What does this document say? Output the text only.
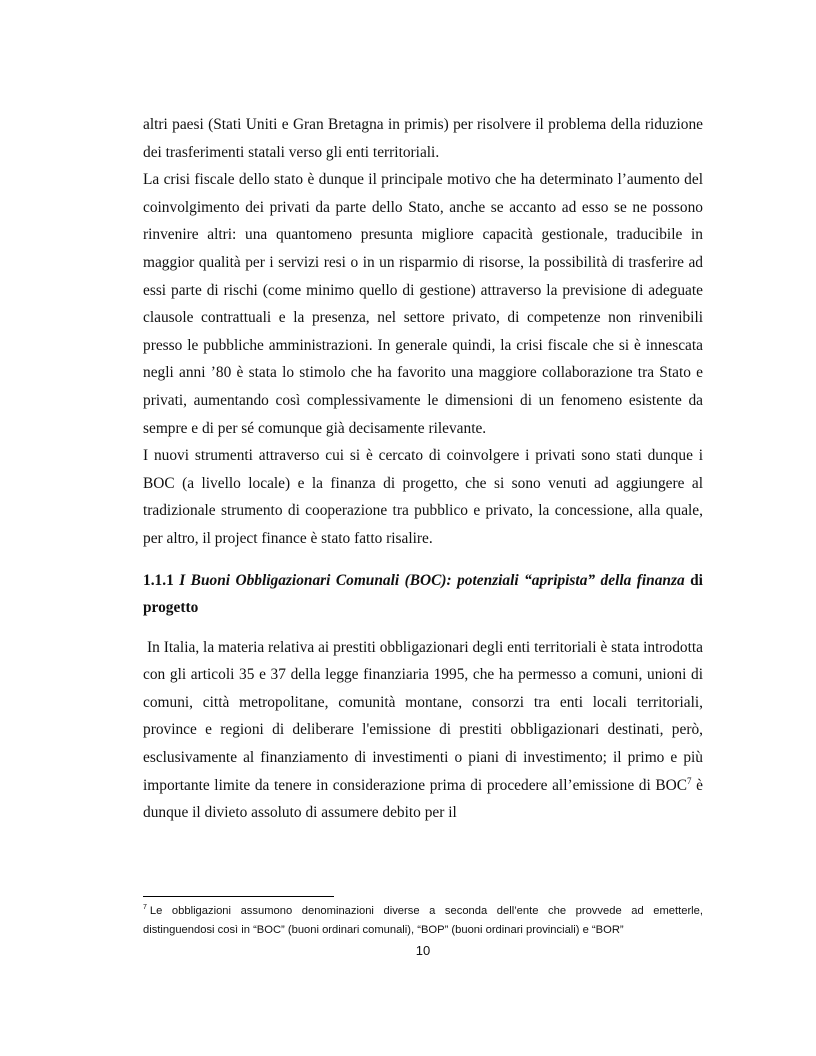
altri paesi (Stati Uniti e Gran Bretagna in primis) per risolvere il problema della riduzione dei trasferimenti statali verso gli enti territoriali.

La crisi fiscale dello stato è dunque il principale motivo che ha determinato l’aumento del coinvolgimento dei privati da parte dello Stato, anche se accanto ad esso se ne possono rinvenire altri: una quantomeno presunta migliore capacità gestionale, traducibile in maggior qualità per i servizi resi o in un risparmio di risorse, la possibilità di trasferire ad essi parte di rischi (come minimo quello di gestione) attraverso la previsione di adeguate clausole contrattuali e la presenza, nel settore privato, di competenze non rinvenibili presso le pubbliche amministrazioni. In generale quindi, la crisi fiscale che si è innescata negli anni ’80 è stata lo stimolo che ha favorito una maggiore collaborazione tra Stato e privati, aumentando così complessivamente le dimensioni di un fenomeno esistente da sempre e di per sé comunque già decisamente rilevante.

I nuovi strumenti attraverso cui si è cercato di coinvolgere i privati sono stati dunque i BOC (a livello locale) e la finanza di progetto, che si sono venuti ad aggiungere al tradizionale strumento di cooperazione tra pubblico e privato, la concessione, alla quale, per altro, il project finance è stato fatto risalire.

1.1.1 I Buoni Obbligazionari Comunali (BOC): potenziali “apripista” della finanza di progetto

In Italia, la materia relativa ai prestiti obbligazionari degli enti territoriali è stata introdotta con gli articoli 35 e 37 della legge finanziaria 1995, che ha permesso a comuni, unioni di comuni, città metropolitane, comunità montane, consorzi tra enti locali territoriali, province e regioni di deliberare l'emissione di prestiti obbligazionari destinati, però, esclusivamente al finanziamento di investimenti o piani di investimento; il primo e più importante limite da tenere in considerazione prima di procedere all’emissione di BOC$^7$ è dunque il divieto assoluto di assumere debito per il

$^7$ Le obbligazioni assumono denominazioni diverse a seconda dell’ente che provvede ad emetterle, distinguendosi così in “BOC” (buoni ordinari comunali), “BOP” (buoni ordinari provinciali) e “BOR”

10
